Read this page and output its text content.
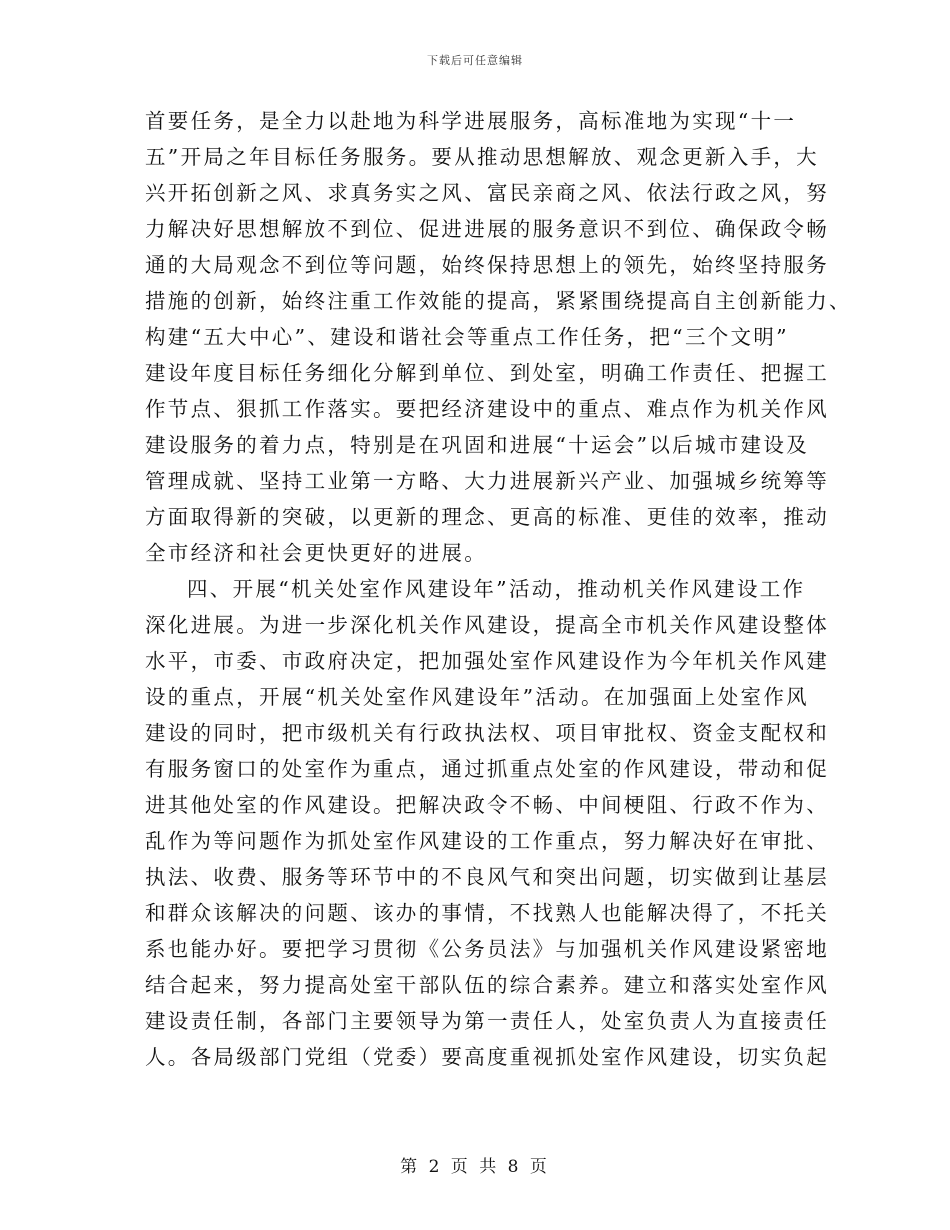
下载后可任意编辑
首要任务，是全力以赴地为科学进展服务，高标准地为实现“十一
五”开局之年目标任务服务。要从推动思想解放、观念更新入手，大
兴开拓创新之风、求真务实之风、富民亲商之风、依法行政之风，努
力解决好思想解放不到位、促进进展的服务意识不到位、确保政令畅
通的大局观念不到位等问题，始终保持思想上的领先，始终坚持服务
措施的创新，始终注重工作效能的提高，紧紧围绕提高自主创新能力、
构建“五大中心”、建设和谐社会等重点工作任务，把“三个文明”
建设年度目标任务细化分解到单位、到处室，明确工作责任、把握工
作节点、狠抓工作落实。要把经济建设中的重点、难点作为机关作风
建设服务的着力点，特别是在巩固和进展“十运会”以后城市建设及
管理成就、坚持工业第一方略、大力进展新兴产业、加强城乡统筹等
方面取得新的突破，以更新的理念、更高的标准、更佳的效率，推动
全市经济和社会更快更好的进展。
四、开展“机关处室作风建设年”活动，推动机关作风建设工作
深化进展。为进一步深化机关作风建设，提高全市机关作风建设整体
水平，市委、市政府决定，把加强处室作风建设作为今年机关作风建
设的重点，开展“机关处室作风建设年”活动。在加强面上处室作风
建设的同时，把市级机关有行政执法权、项目审批权、资金支配权和
有服务窗口的处室作为重点，通过抓重点处室的作风建设，带动和促
进其他处室的作风建设。把解决政令不畅、中间梗阻、行政不作为、
乱作为等问题作为抓处室作风建设的工作重点，努力解决好在审批、
执法、收费、服务等环节中的不良风气和突出问题，切实做到让基层
和群众该解决的问题、该办的事情，不找熟人也能解决得了，不托关
系也能办好。要把学习贯彻《公务员法》与加强机关作风建设紧密地
结合起来，努力提高处室干部队伍的综合素养。建立和落实处室作风
建设责任制，各部门主要领导为第一责任人，处室负责人为直接责任
人。各局级部门党组（党委）要高度重视抓处室作风建设，切实负起
第 2 页 共 8 页
